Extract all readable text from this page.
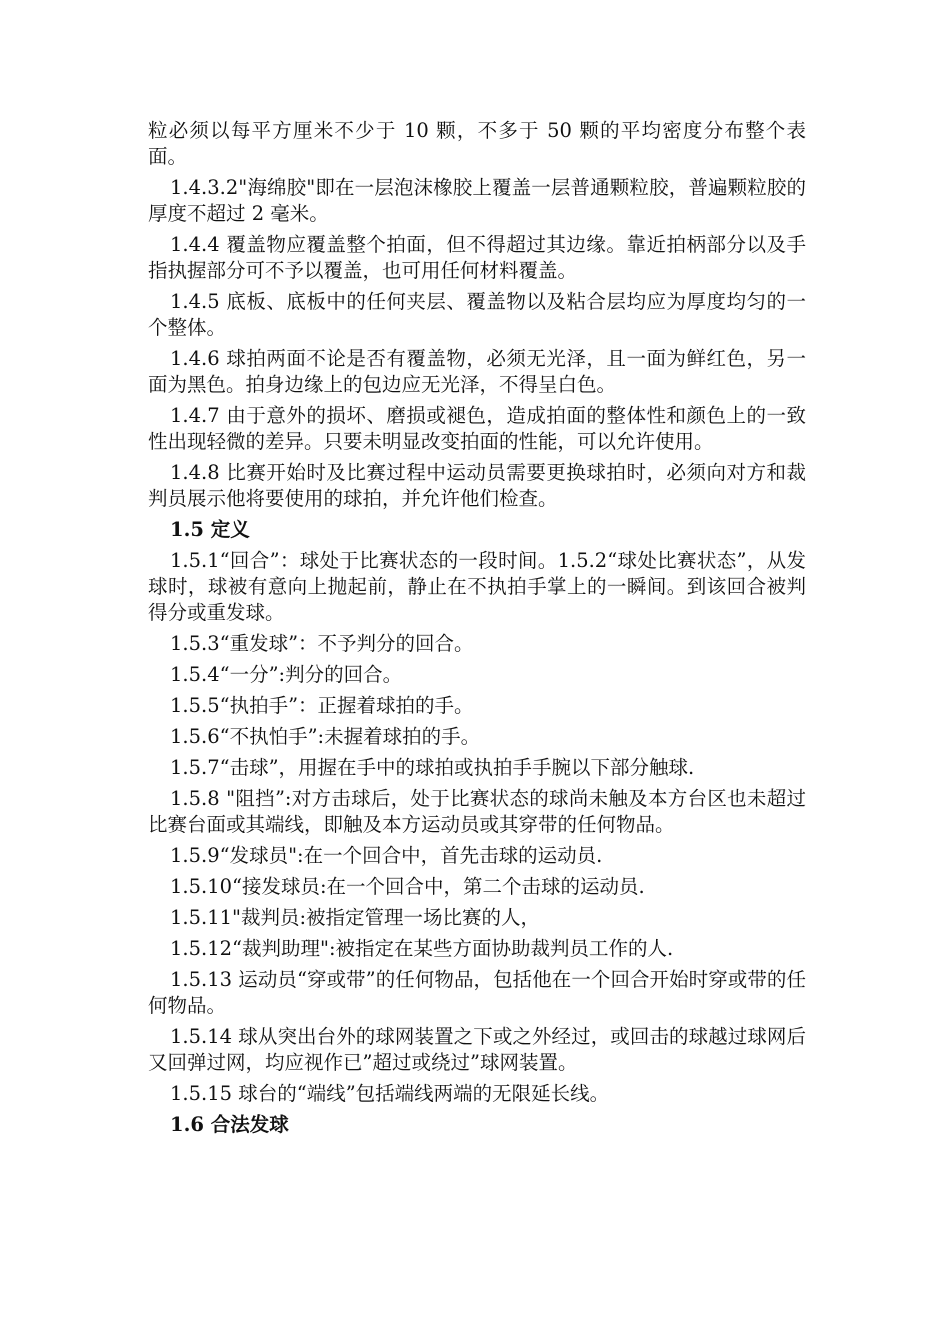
粒必须以每平方厘米不少于 10 颗，不多于 50 颗的平均密度分布整个表面。

1.4.3.2"海绵胶"即在一层泡沫橡胶上覆盖一层普通颗粒胶，普遍颗粒胶的厚度不超过 2 毫米。

1.4.4 覆盖物应覆盖整个拍面，但不得超过其边缘。靠近拍柄部分以及手指执握部分可不予以覆盖，也可用任何材料覆盖。

1.4.5 底板、底板中的任何夹层、覆盖物以及粘合层均应为厚度均匀的一个整体。

1.4.6 球拍两面不论是否有覆盖物，必须无光泽，且一面为鲜红色，另一面为黑色。拍身边缘上的包边应无光泽，不得呈白色。

1.4.7 由于意外的损坏、磨损或褪色，造成拍面的整体性和颜色上的一致性出现轻微的差异。只要未明显改变拍面的性能，可以允许使用。

1.4.8 比赛开始时及比赛过程中运动员需要更换球拍时，必须向对方和裁判员展示他将要使用的球拍，并允许他们检查。

1.5 定义

1.5.1“回合”：球处于比赛状态的一段时间。1.5.2“球处比赛状态”，从发球时，球被有意向上抛起前，静止在不执拍手掌上的一瞬间。到该回合被判得分或重发球。

1.5.3“重发球”：不予判分的回合。

1.5.4“一分”:判分的回合。

1.5.5“执拍手”：正握着球拍的手。

1.5.6“不执怕手”:未握着球拍的手。

1.5.7“击球”，用握在手中的球拍或执拍手手腕以下部分触球.

1.5.8 "阻挡”:对方击球后，处于比赛状态的球尚未触及本方台区也未超过比赛台面或其端线，即触及本方运动员或其穿带的任何物品。

1.5.9“发球员":在一个回合中，首先击球的运动员.

1.5.10“接发球员:在一个回合中，第二个击球的运动员.

1.5.11"裁判员:被指定管理一场比赛的人，

1.5.12“裁判助理":被指定在某些方面协助裁判员工作的人.

1.5.13 运动员“穿或带”的任何物品，包括他在一个回合开始时穿或带的任何物品。

1.5.14 球从突出台外的球网装置之下或之外经过，或回击的球越过球网后又回弹过网，均应视作已”超过或绕过”球网装置。

1.5.15 球台的“端线”包括端线两端的无限延长线。

1.6 合法发球
